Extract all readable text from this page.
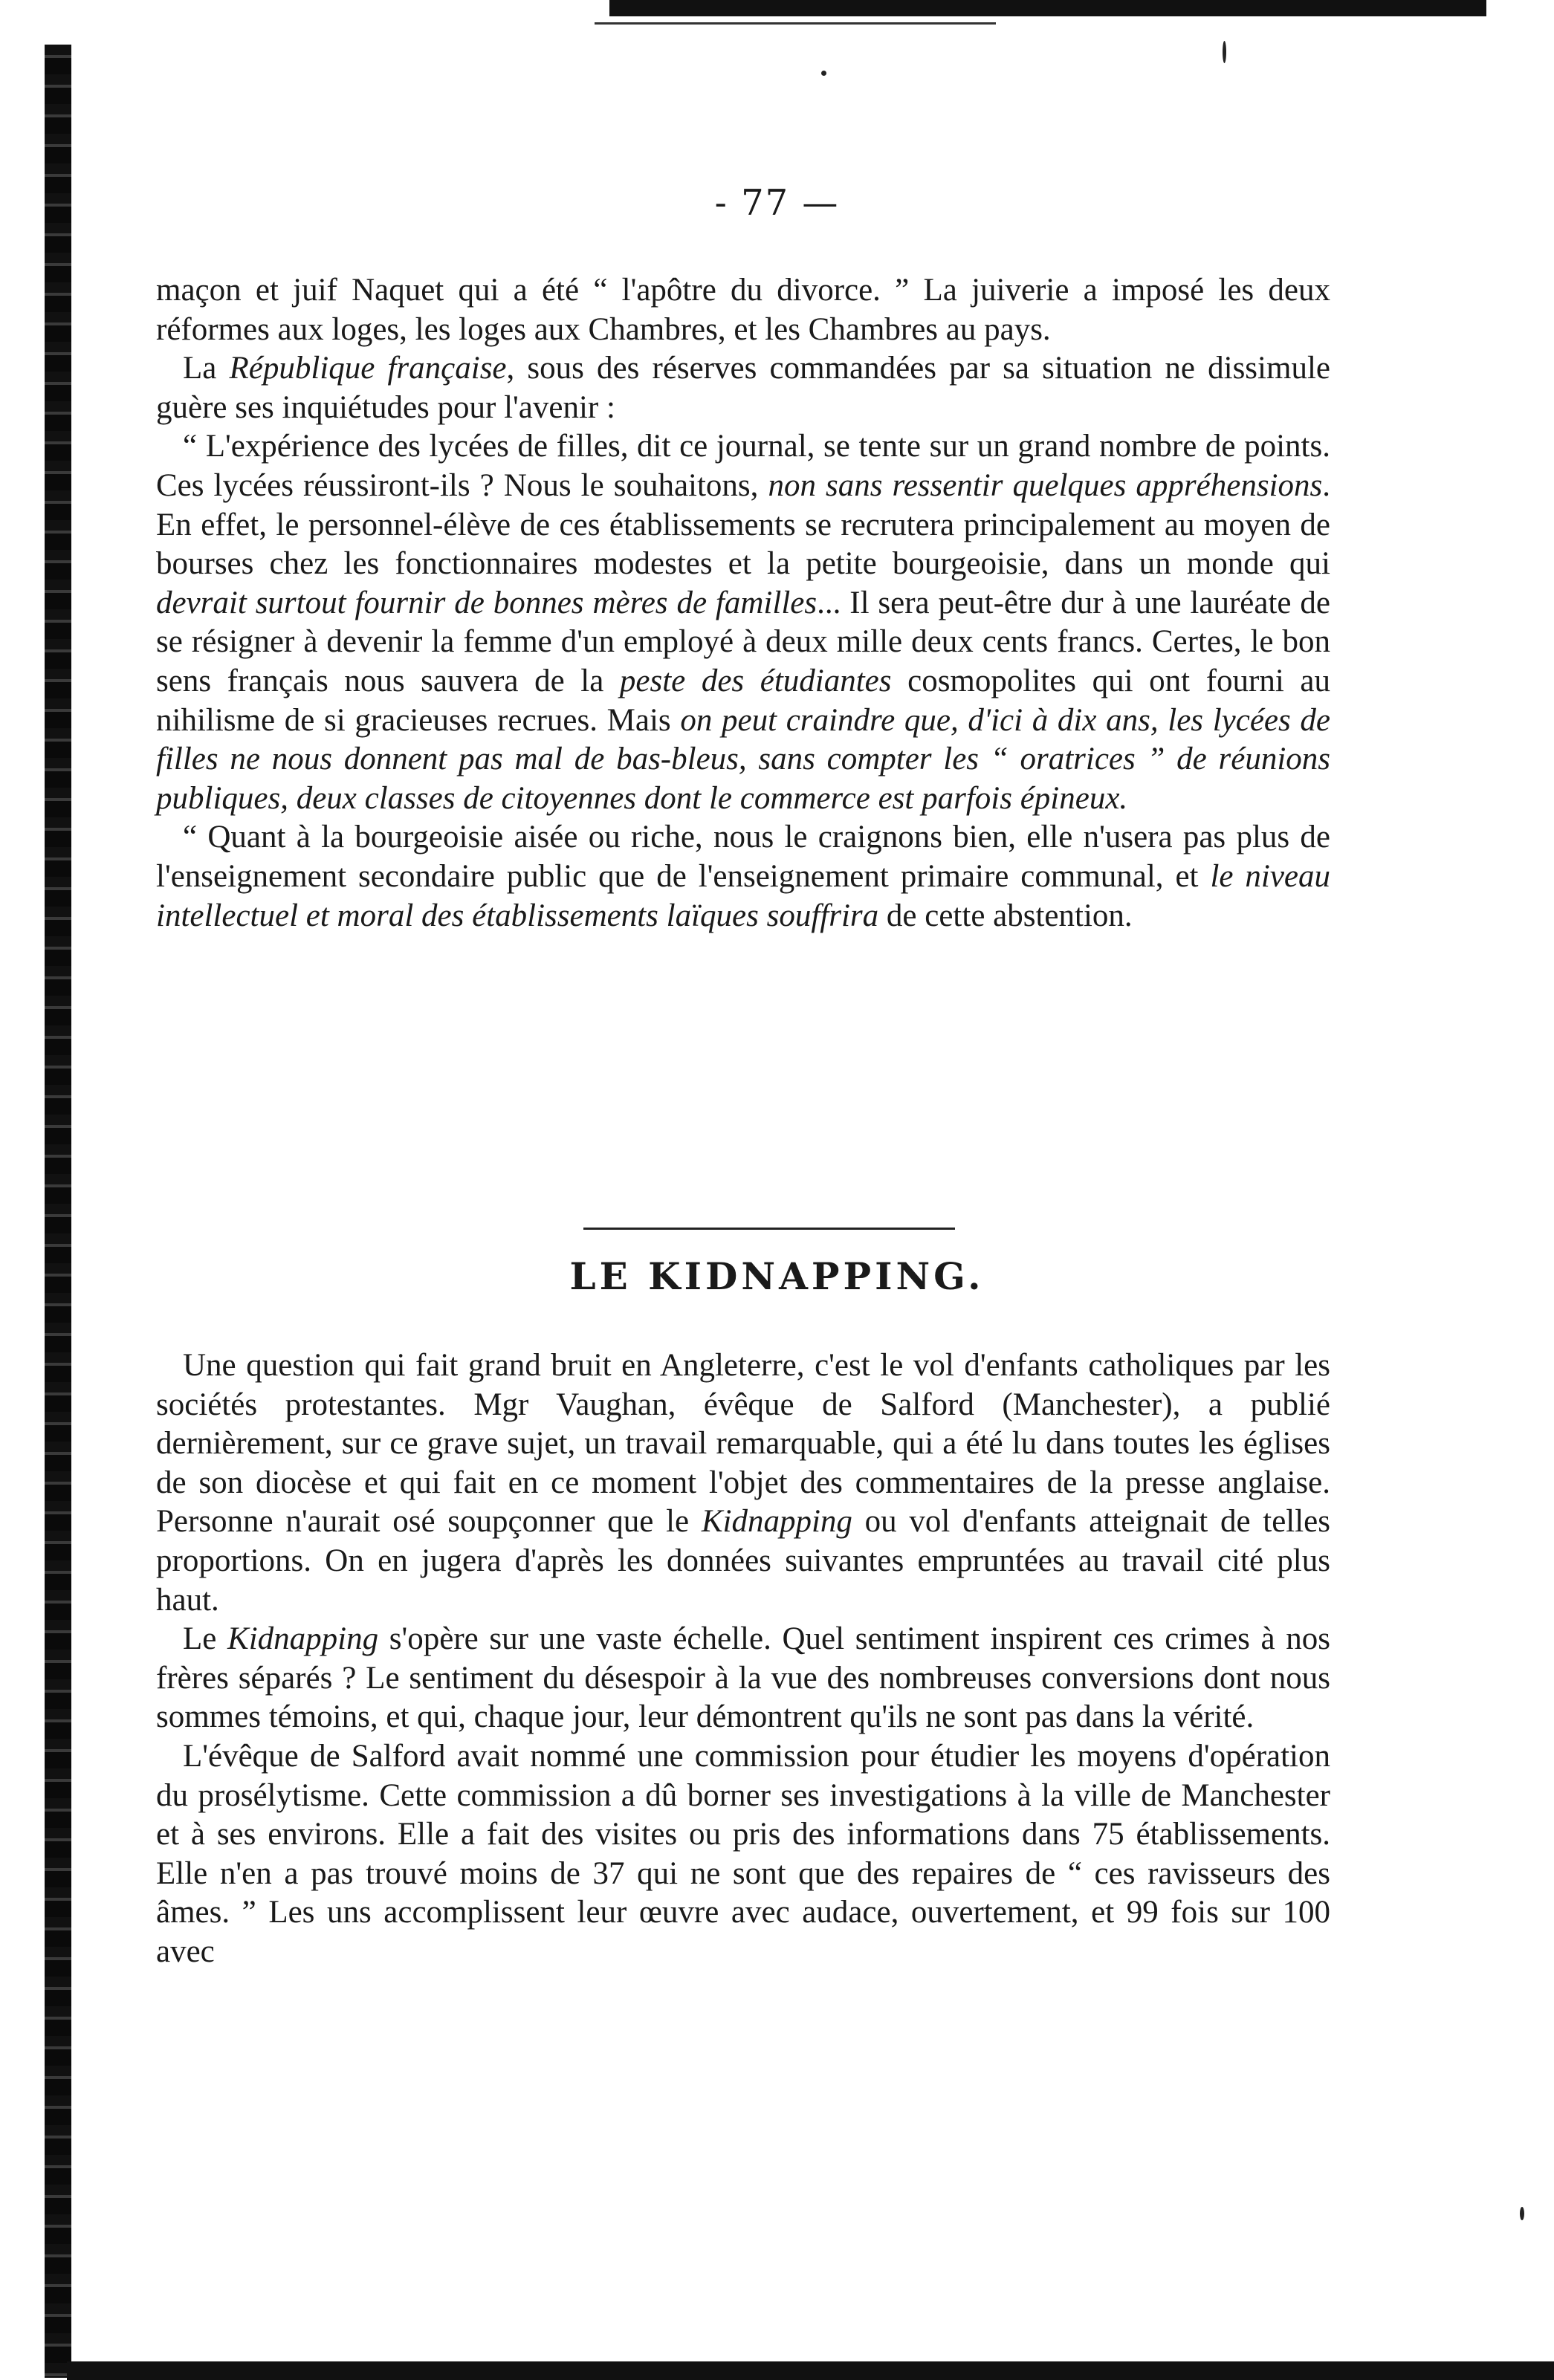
- 77 —

maçon et juif Naquet qui a été “ l'apôtre du divorce. ” La juiverie a imposé les deux réformes aux loges, les loges aux Chambres, et les Chambres au pays.

La République française, sous des réserves commandées par sa situation ne dissimule guère ses inquiétudes pour l'avenir :

“ L'expérience des lycées de filles, dit ce journal, se tente sur un grand nombre de points. Ces lycées réussiront-ils ? Nous le souhaitons, non sans ressentir quelques appréhensions. En effet, le personnel-élève de ces établissements se recrutera principalement au moyen de bourses chez les fonctionnaires modestes et la petite bourgeoisie, dans un monde qui devrait surtout fournir de bonnes mères de familles... Il sera peut-être dur à une lauréate de se résigner à devenir la femme d'un employé à deux mille deux cents francs. Certes, le bon sens français nous sauvera de la peste des étudiantes cosmopolites qui ont fourni au nihilisme de si gracieuses recrues. Mais on peut craindre que, d'ici à dix ans, les lycées de filles ne nous donnent pas mal de bas-bleus, sans compter les “ oratrices ” de réunions publiques, deux classes de citoyennes dont le commerce est parfois épineux.

“ Quant à la bourgeoisie aisée ou riche, nous le craignons bien, elle n'usera pas plus de l'enseignement secondaire public que de l'enseignement primaire communal, et le niveau intellectuel et moral des établissements laïques souffrira de cette abstention.

LE KIDNAPPING.

Une question qui fait grand bruit en Angleterre, c'est le vol d'enfants catholiques par les sociétés protestantes. Mgr Vaughan, évêque de Salford (Manchester), a publié dernièrement, sur ce grave sujet, un travail remarquable, qui a été lu dans toutes les églises de son diocèse et qui fait en ce moment l'objet des commentaires de la presse anglaise. Personne n'aurait osé soupçonner que le Kidnapping ou vol d'enfants atteignait de telles proportions. On en jugera d'après les données suivantes empruntées au travail cité plus haut.

Le Kidnapping s'opère sur une vaste échelle. Quel sentiment inspirent ces crimes à nos frères séparés ? Le sentiment du désespoir à la vue des nombreuses conversions dont nous sommes témoins, et qui, chaque jour, leur démontrent qu'ils ne sont pas dans la vérité.

L'évêque de Salford avait nommé une commission pour étudier les moyens d'opération du prosélytisme. Cette commission a dû borner ses investigations à la ville de Manchester et à ses environs. Elle a fait des visites ou pris des informations dans 75 établissements. Elle n'en a pas trouvé moins de 37 qui ne sont que des repaires de “ ces ravisseurs des âmes. ” Les uns accomplissent leur œuvre avec audace, ouvertement, et 99 fois sur 100 avec
